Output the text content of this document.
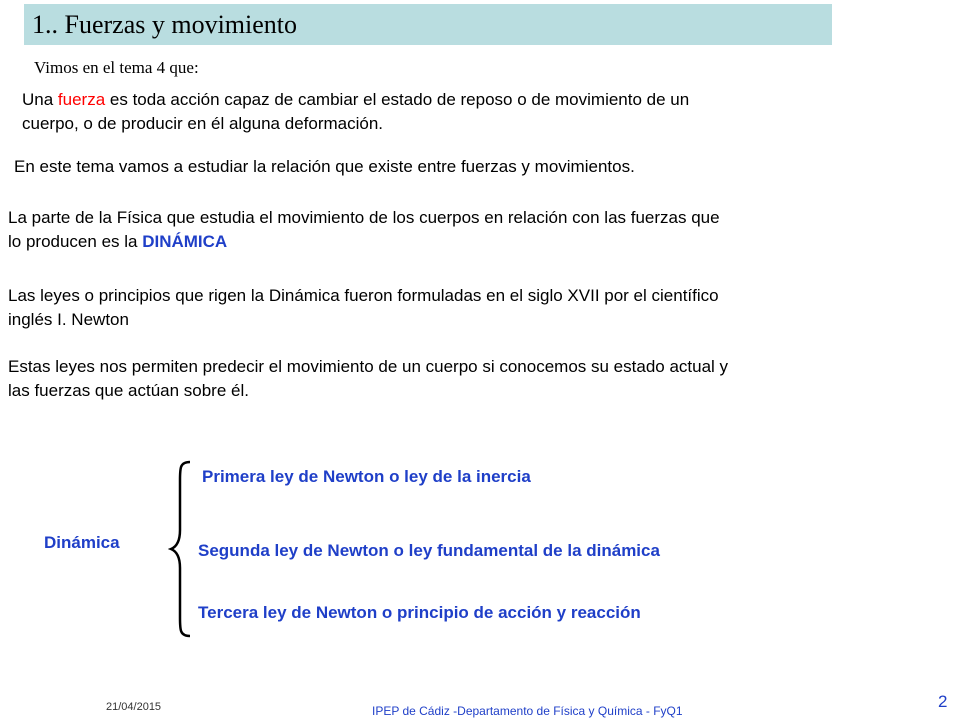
1.. Fuerzas y movimiento
Vimos en el tema 4 que:
Una fuerza es toda acción capaz de cambiar el estado de reposo o de movimiento de un
cuerpo, o de producir en él alguna deformación.
En este tema vamos a estudiar la relación que existe entre fuerzas y movimientos.
La parte de la Física que estudia el movimiento de los cuerpos en relación con las fuerzas que
lo producen es la DINÁMICA
Las leyes o principios que rigen la Dinámica fueron formuladas en el siglo XVII por el científico
inglés I. Newton
Estas leyes nos permiten predecir el movimiento de un cuerpo si conocemos su estado actual y
las fuerzas que actúan sobre él.
Dinámica
Primera ley de Newton o ley de la inercia
Segunda ley de Newton o ley fundamental de la dinámica
Tercera ley de Newton o principio de acción y reacción
21/04/2015	IPEP de Cádiz -Departamento de Física y Química - FyQ1	2
